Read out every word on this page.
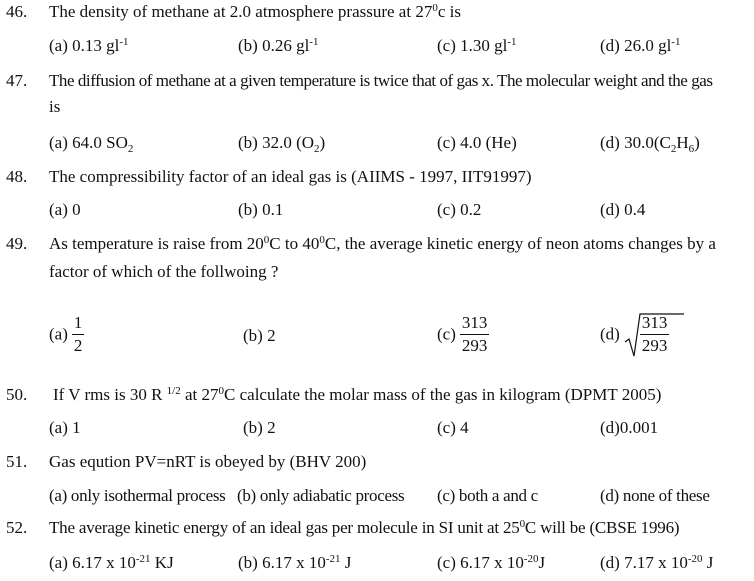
46.	The density of methane at 2.0 atmosphere prassure at $27^0c$ is
(a) 0.13 $gl^{-1}$	(b) 0.26 $gl^{-1}$	(c) 1.30 $gl^{-1}$	(d) 26.0 $gl^{-1}$
47.	The diffusion of methane at a given temperature is twice that of gas x. The molecular weight and the gas
is
(a) 64.0 $SO_2$	(b) 32.0 $(O_2)$	(c) 4.0 (He)	(d) $30.0(C_2H_6)$
48.	The compressibility factor of an ideal gas is (AIIMS - 1997, IIT91997)
(a) 0	(b) 0.1	(c) 0.2	(d) 0.4
49.	As temperature is raise from $20^0C$ to $40^0C$, the average kinetic energy of neon atoms changes by a
factor of which of the follwoing ?
$(a) \frac{1}{2}$	(b) 2	$(c) \frac{313}{293}$	$(d) \frac{313}{293}$
50.	If V rms is 30 R $^{1/2}$ at $27^0C$ calculate the molar mass of the gas in kilogram (DPMT 2005)
(a) 1	(b) 2	(c) 4	(d)0.001
51.	Gas eqution PV=nRT is obeyed by (BHV 200)
(a) only isothermal process (b) only adiabatic process (c) both a and c	(d) none of these
52.	The average kinetic energy of an ideal gas per molecule in SI unit at $25^0C$ will be (CBSE 1996)
(a) 6.17 x $10^{-21}$ KJ	(b) 6.17 x $10^{-21}$ J	(c) 6.17 x $10^{-20}J$	(d) 7.17 x $10^{-20}$ J
